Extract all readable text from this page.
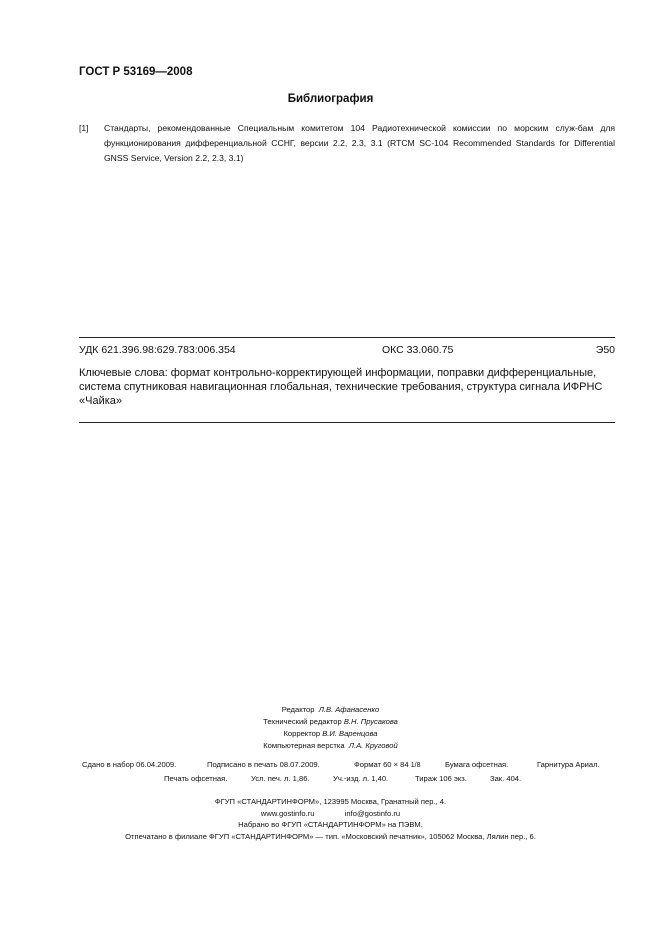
ГОСТ Р 53169—2008
Библиография
[1] Стандарты, рекомендованные Специальным комитетом 104 Радиотехнической комиссии по морским служ-бам для функционирования дифференциальной ССНГ, версии 2.2, 2.3, 3.1 (RTCM SC-104 Recommended Standards for Differential GNSS Service, Version 2.2, 2.3, 3.1)
УДК 621.396.98:629.783:006.354	ОКС 33.060.75	Э50
Ключевые слова: формат контрольно-корректирующей информации, поправки дифференциальные, система спутниковая навигационная глобальная, технические требования, структура сигнала ИФРНС «Чайка»
Редактор Л.В. Афанасенко
Технический редактор В.Н. Прусакова
Корректор В.И. Варенцова
Компьютерная верстка Л.А. Круговой
Сдано в набор 06.04.2009.	Подписано в печать 08.07.2009.	Формат 60 × 84 1/8	Бумага офсетная.	Гарнитура Ариал.
Печать офсетная.	Усл. печ. л. 1,86.	Уч.-изд. л. 1,40.	Тираж 106 экз.	Зак. 404.
ФГУП «СТАНДАРТИНФОРМ», 123995 Москва, Гранатный пер., 4.
www.gostinfo.ru	info@gostinfo.ru
Набрано во ФГУП «СТАНДАРТИНФОРМ» на ПЭВМ.
Отпечатано в филиале ФГУП «СТАНДАРТИНФОРМ» — тип. «Московский печатник», 105062 Москва, Лялин пер., 6.
